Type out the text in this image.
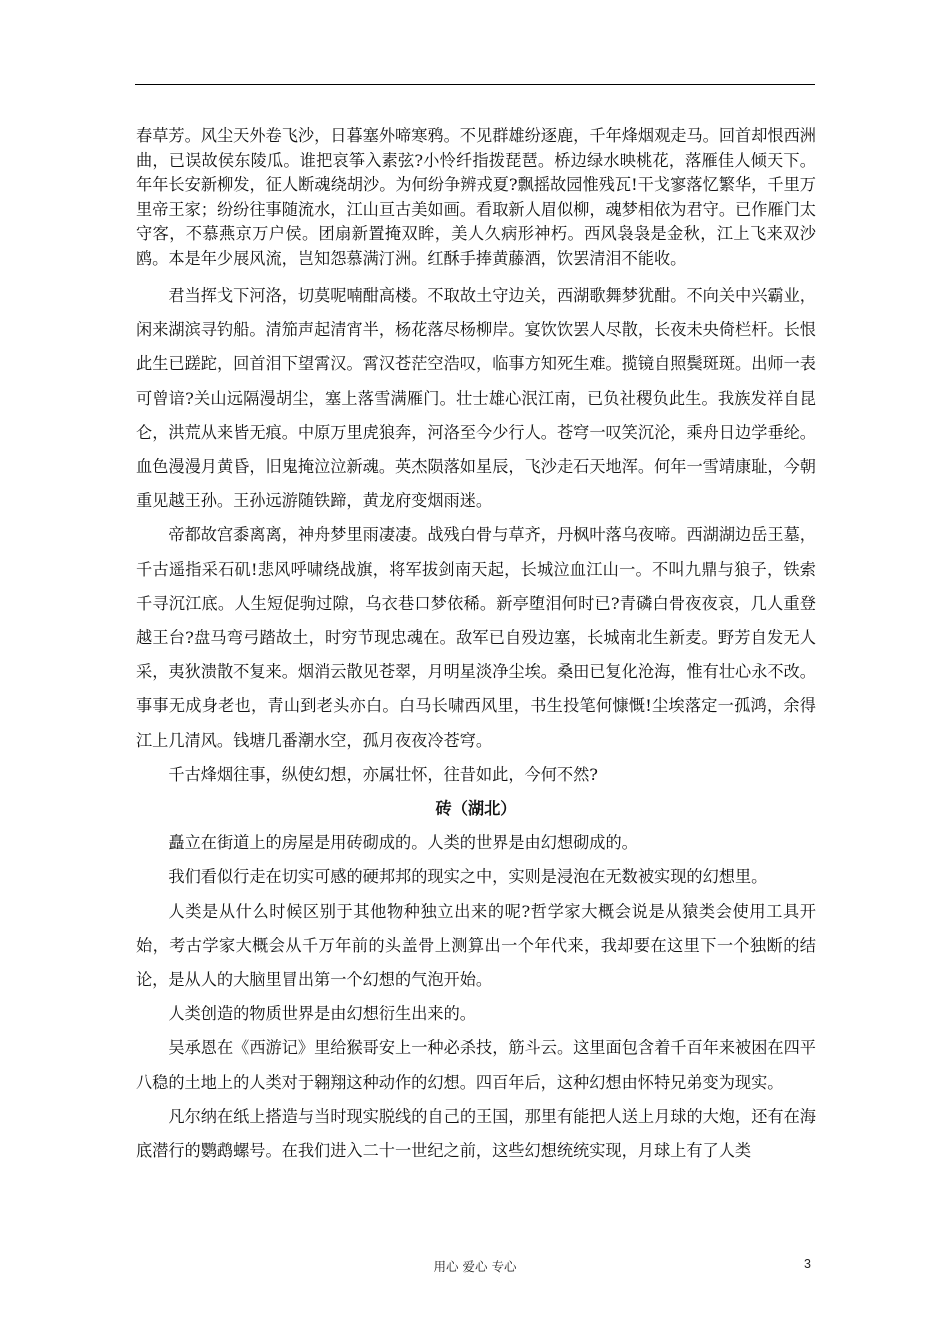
春草芳。风尘天外卷飞沙，日暮塞外啼寒鸦。不见群雄纷逐鹿，千年烽烟观走马。回首却恨西洲曲，已误故侯东陵瓜。谁把哀筝入素弦?小怜纤指拨琵琶。桥边绿水映桃花，落雁佳人倾天下。年年长安新柳发，征人断魂绕胡沙。为何纷争辨戎夏?飘摇故园惟残瓦!干戈寥落忆繁华，千里万里帝王家；纷纷往事随流水，江山亘古美如画。看取新人眉似柳，魂梦相依为君守。已作雁门太守客，不慕燕京万户侯。团扇新置掩双眸，美人久病形神朽。西风袅袅是金秋，江上飞来双沙鸥。本是年少展风流，岂知怨慕满汀洲。红酥手捧黄藤酒，饮罢清泪不能收。

君当挥戈下河洛，切莫呢喃酣高楼。不取故土守边关，西湖歌舞梦犹酣。不向关中兴霸业，闲来湖滨寻钓船。清笳声起清宵半，杨花落尽杨柳岸。宴饮饮罢人尽散，长夜未央倚栏杆。长恨此生已蹉跎，回首泪下望霄汉。霄汉苍茫空浩叹，临事方知死生难。揽镜自照鬓斑斑。出师一表可曾谙?关山远隔漫胡尘，塞上落雪满雁门。壮士雄心泯江南，已负社稷负此生。我族发祥自昆仑，洪荒从来皆无痕。中原万里虎狼奔，河洛至今少行人。苍穹一叹笑沉沦，乘舟日边学垂纶。血色漫漫月黄昏，旧鬼掩泣泣新魂。英杰陨落如星辰，飞沙走石天地浑。何年一雪靖康耻，今朝重见越王孙。王孙远游随铁蹄，黄龙府变烟雨迷。

帝都故宫黍离离，神舟梦里雨凄凄。战残白骨与草齐，丹枫叶落乌夜啼。西湖湖边岳王墓，千古遥指采石矶!悲风呼啸绕战旗，将军拔剑南天起，长城泣血江山一。不叫九鼎与狼子，铁索千寻沉江底。人生短促驹过隙，乌衣巷口梦依稀。新亭堕泪何时已?青磷白骨夜夜哀，几人重登越王台?盘马弯弓踏故土，时穷节现忠魂在。敌军已自殁边塞，长城南北生新麦。野芳自发无人采，夷狄溃散不复来。烟消云散见苍翠，月明星淡净尘埃。桑田已复化沧海，惟有壮心永不改。事事无成身老也，青山到老头亦白。白马长啸西风里，书生投笔何慷慨!尘埃落定一孤鸿，余得江上几清风。钱塘几番潮水空，孤月夜夜冷苍穹。

千古烽烟往事，纵使幻想，亦属壮怀，往昔如此，今何不然?

砖（湖北）

矗立在街道上的房屋是用砖砌成的。人类的世界是由幻想砌成的。

我们看似行走在切实可感的硬邦邦的现实之中，实则是浸泡在无数被实现的幻想里。

人类是从什么时候区别于其他物种独立出来的呢?哲学家大概会说是从猿类会使用工具开始，考古学家大概会从千万年前的头盖骨上测算出一个年代来，我却要在这里下一个独断的结论，是从人的大脑里冒出第一个幻想的气泡开始。

人类创造的物质世界是由幻想衍生出来的。

吴承恩在《西游记》里给猴哥安上一种必杀技，筋斗云。这里面包含着千百年来被困在四平八稳的土地上的人类对于翱翔这种动作的幻想。四百年后，这种幻想由怀特兄弟变为现实。

凡尔纳在纸上搭造与当时现实脱线的自己的王国，那里有能把人送上月球的大炮，还有在海底潜行的鹦鹉螺号。在我们进入二十一世纪之前，这些幻想统统实现，月球上有了人类

用心 爱心 专心	3
